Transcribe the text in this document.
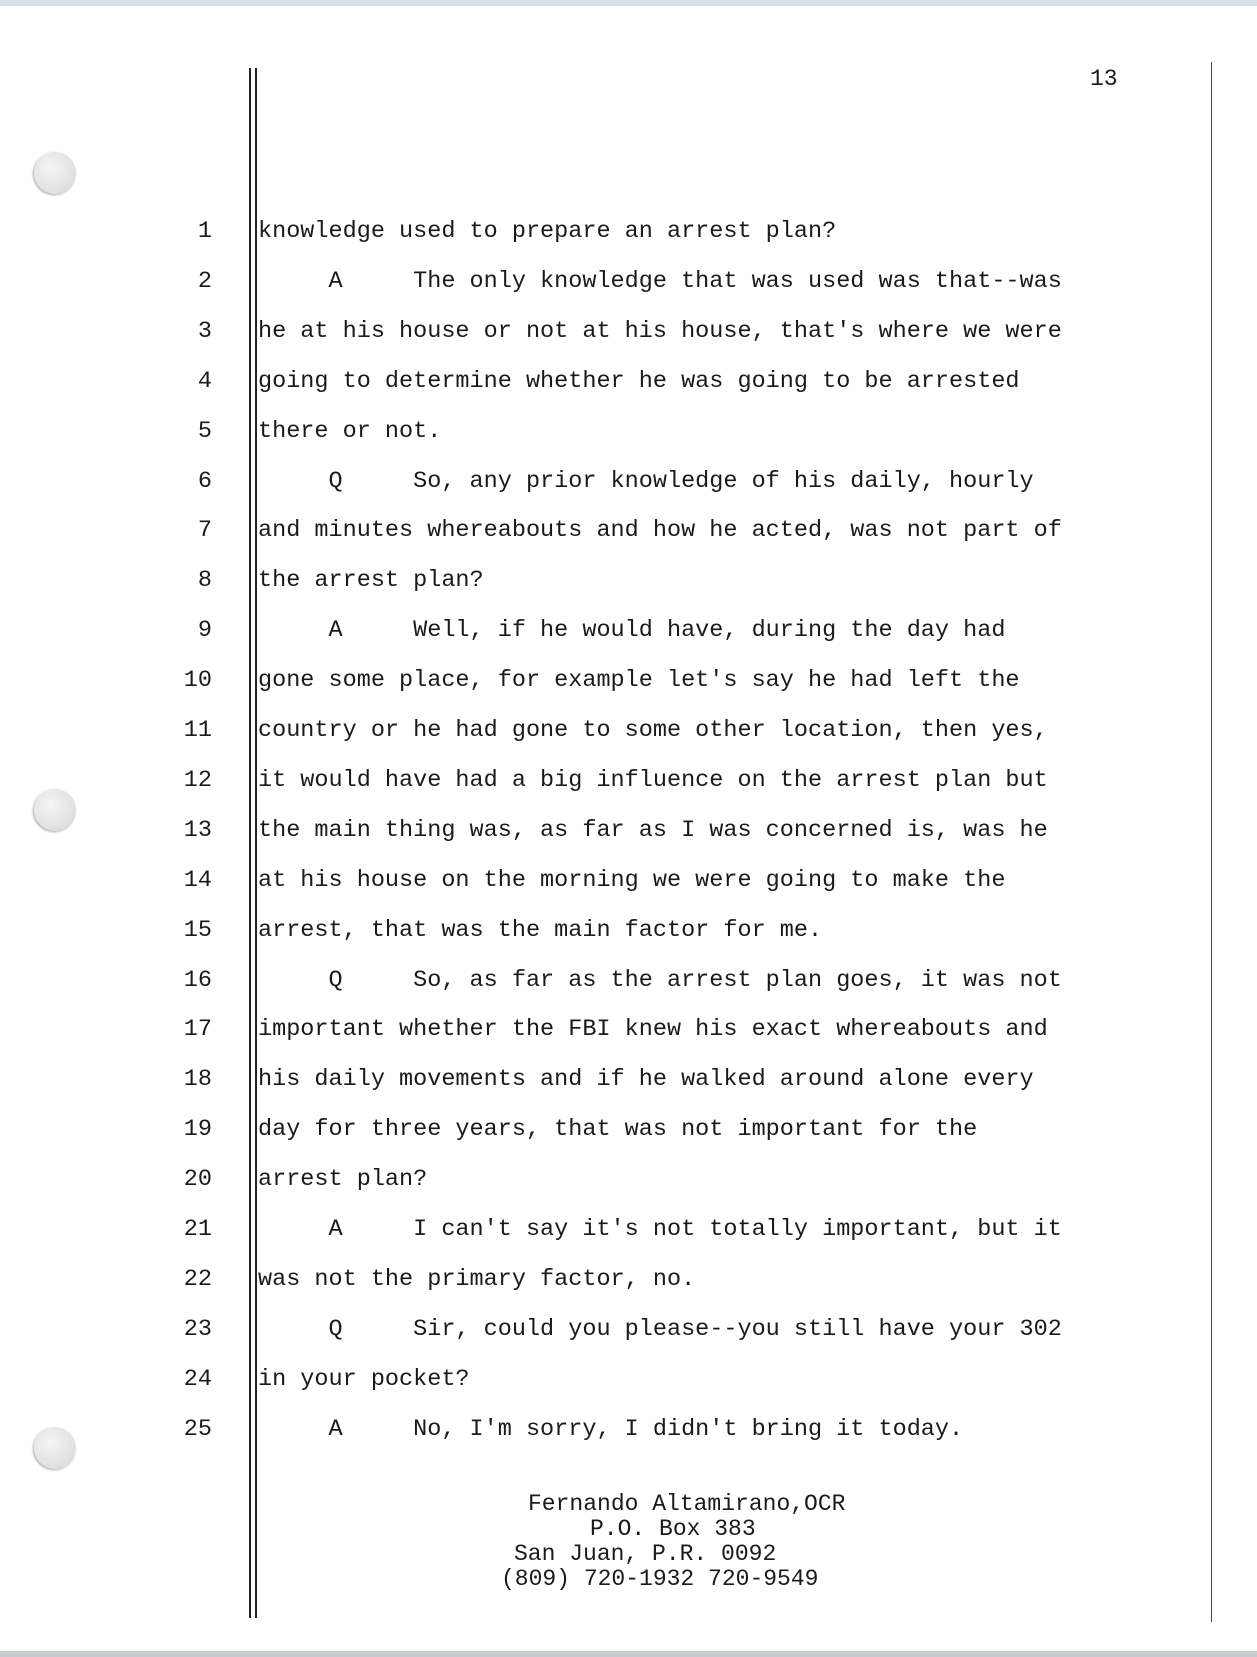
13
1 knowledge used to prepare an arrest plan?
2 A     The only knowledge that was used was that--was
3 he at his house or not at his house, that's where we were
4 going to determine whether he was going to be arrested
5 there or not.
6 Q     So, any prior knowledge of his daily, hourly
7 and minutes whereabouts and how he acted, was not part of
8 the arrest plan?
9 A     Well, if he would have, during the day had
10 gone some place, for example let's say he had left the
11 country or he had gone to some other location, then yes,
12 it would have had a big influence on the arrest plan but
13 the main thing was, as far as I was concerned is, was he
14 at his house on the morning we were going to make the
15 arrest, that was the main factor for me.
16 Q     So, as far as the arrest plan goes, it was not
17 important whether the FBI knew his exact whereabouts and
18 his daily movements and if he walked around alone every
19 day for three years, that was not important for the
20 arrest plan?
21 A     I can't say it's not totally important, but it
22 was not the primary factor, no.
23 Q     Sir, could you please--you still have your 302
24 in your pocket?
25 A     No, I'm sorry, I didn't bring it today.
Fernando Altamirano,OCR
P.O. Box 383
San Juan, P.R. 0092
(809) 720-1932 720-9549
